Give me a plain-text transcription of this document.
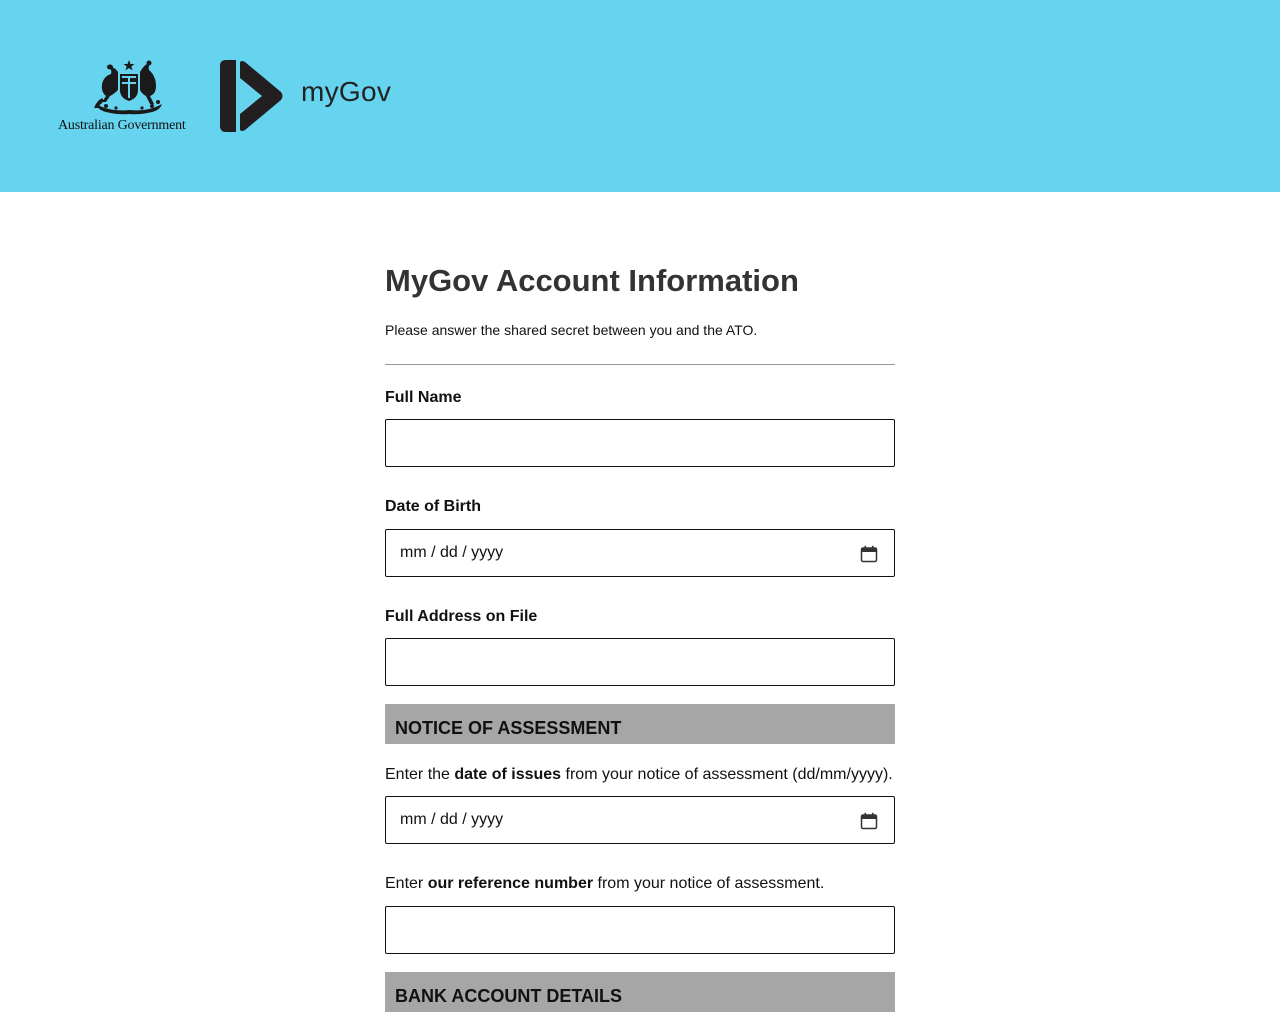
Australian Government
myGov
MyGov Account Information
Please answer the shared secret between you and the ATO.
Full Name
Date of Birth
mm / dd / yyyy
Full Address on File
NOTICE OF ASSESSMENT
Enter the date of issues from your notice of assessment (dd/mm/yyyy).
mm / dd / yyyy
Enter our reference number from your notice of assessment.
BANK ACCOUNT DETAILS
